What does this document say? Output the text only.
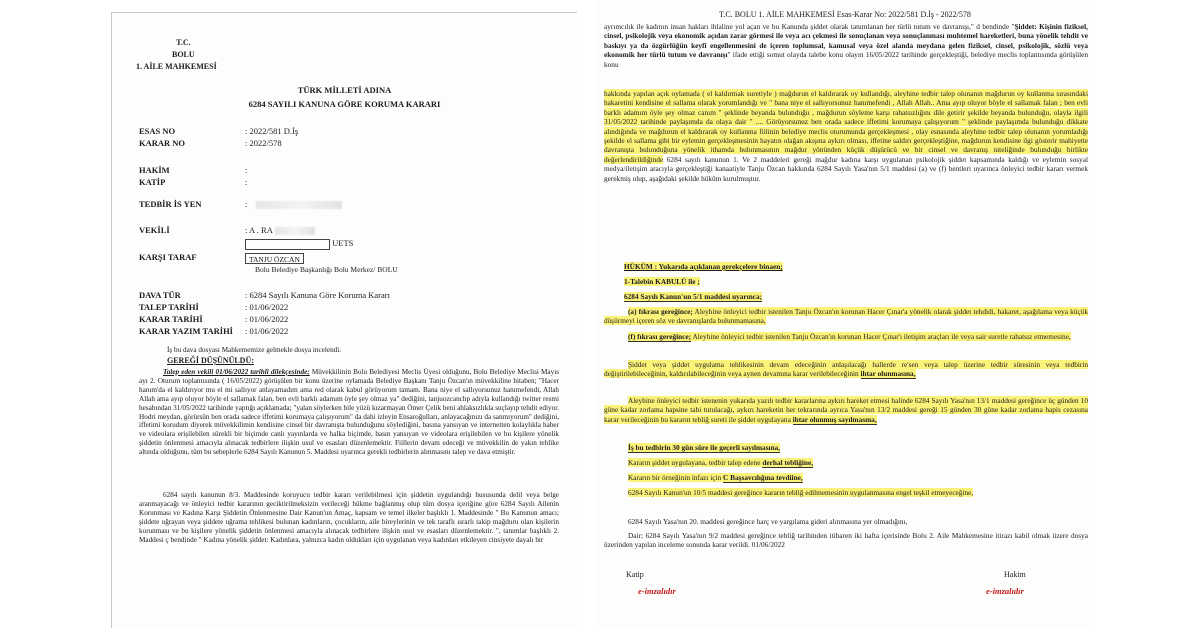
T.C.
BOLU
1. AİLE MAHKEMESİ
TÜRK MİLLETİ ADINA
6284 SAYILI KANUNA GÖRE KORUMA KARARI
ESAS NO	: 2022/581 D.İş
KARAR NO	: 2022/578
HAKİM	:
KATİP	:
TEDBİR İS YEN	:
VEKİLİ	: A . RA
UETS
KARŞI TARAF	TANJU ÖZCAN
Bolu Belediye Başkanlığı Bolu Merkez/ BOLU
DAVA TÜR	: 6284 Sayılı Kanuna Göre Koruma Kararı
TALEP TARİHİ	: 01/06/2022
KARAR TARİHİ	: 01/06/2022
KARAR YAZIM TARİHİ : 01/06/2022
İş bu dava dosyası Mahkememize gelmekle dosya incelendi.
GEREĞİ DÜŞÜNÜLDÜ:
Talep eden vekili 01/06/2022 tarihli dilekçesinde; Müvekkilinin Bolu Belediyesi Meclis Üyesi olduğunu, Bolu Belediye Meclisi Mayıs ayı 2. Oturum toplantısında ( 16/05/2022) görüşülen bir konu üzerine oylamada Belediye Başkanı Tanju Özcan'ın müvekkiline hitaben; "Hacer hanım'da el kaldırıyor mu el mi sallıyor anlayamadım ama red olarak kabul görüyorum tamam. Bana niye el sallıyorsunuz hanımefendi, Allah Allah ama ayıp oluyor böyle el sallamak falan, ben evli barklı adamım öyle şey olmaz ya" dediğini, tanjuozcanchp adıyla kullandığı twitter resmi hesabından 31/05/2022 tarihinde yaptığı açıklamada; "yalan söylerken bile yüzü kızarmayan Ömer Çelik beni ahlaksızlıkla suçlayıp tehdit ediyor. Hodri meydan, görürsün ben orada sadece iffetimi korumaya çalışıyorum" da dahi izleyin Ensaroğulları, anlayacağınızı da sanmıyorum" dediğini, iffetimi korudum diyerek müvekkilimin kendisine cinsel bir davranışta bulunduğunu söylediğini, basına yansıyan ve internetten kolaylıkla haber ve videolara erişilebilen sürekli bir biçimde canlı yayınlarda ve halka biçimde, basın yansıyan ve videolara erişilebilen ve bu kişilere yönelik şiddetin önlenmesi amacıyla alınacak tedbirlere ilişkin usul ve esasları düzenlemektir. Fiillerin devam edeceği ve müvekkilin de yakın tehlike altında olduğunu, tüm bu sebeplerle 6284 Sayılı Kanunun 5. Maddesi uyarınca gerekli tedbirlerin alınmasını talep ve dava etmiştir.
6284 sayılı kanunun 8/3. Maddesinde koruyucu tedbir kararı verilebilmesi için şiddetin uygulandığı hususunda delil veya belge aranmayacağı ve önleyici tedbir kararının geciktirilmeksizin verileceği hükme bağlanmış olup tüm dosya içeriğine göre 6284 Sayılı Ailenin Korunması ve Kadına Karşı Şiddetin Önlenmesine Dair Kanun'un Amaç, kapsam ve temel ilkeler başlıklı 1. Maddesinde " Bu Kanunun amacı; şiddete uğrayan veya şiddete uğrama tehlikesi bulunan kadınların, çocukların, aile bireylerinin ve tek taraflı ısrarlı takip mağduru olan kişilerin korunması ve bu kişilere yönelik şiddetin önlenmesi amacıyla alınacak tedbirlere ilişkin usul ve esasları düzenlemektir. ", tanımlar başlıklı 2. Maddesi ç bendinde " Kadına yönelik şiddet: Kadınlara, yalnızca kadın oldukları için uygulanan veya kadınları etkileyen cinsiyete dayalı bir
T.C. BOLU 1. AİLE MAHKEMESİ Esas-Karar No: 2022/581 D.İş - 2022/578
ayrımcılık ile kadının insan hakları ihlaline yol açan ve bu Kanunda şiddet olarak tanımlanan her türlü tutum ve davranışı," d bendinde "Şiddet: Kişinin fiziksel, cinsel, psikolojik veya ekonomik açıdan zarar görmesi ile veya acı çekmesi ile sonuçlanan veya sonuçlanması muhtemel hareketleri, buna yönelik tehdit ve baskıyı ya da özgürlüğün keyfî engellenmesini de içeren toplumsal, kamusal veya özel alanda meydana gelen fiziksel, cinsel, psikolojik, sözlü veya ekonomik her türlü tutum ve davranışı" ifade ettiği somut olayda talebe konu olayın 16/05/2022 tarihinde gerçekleştiği, belediye meclis toplantısında görüşülen konu
hakkında yapılan açık oylamada ( el kaldırmak suretiyle ) mağdurun el kaldırarak oy kullandığı, aleyhine tedbir talep olunanın mağdurun oy kullanma sırasındaki hakaretini kendisine el sallama olarak yorumlandığı ve " bana niye el sallıyorsunuz hanımefendi , Allah Allah.. Ama ayıp oluyor böyle el sallamak falan ; ben evli barklı adamım öyle şey olmaz canım " şeklinde beyanda bulunduğu , mağdurun söyleme karşı rahatsızlığını dile getirir şekilde beyanda bulunduğu, olayla ilgili 31/05/2022 tarihinde paylaşımda da olaya dair " .... Görüyorsunuz ben orada sadece iffetimi korumaya çalışıyorum " şeklinde paylaşımda bulunduğu dikkate alındığında ve mağdurun el kaldırarak oy kullanma fiilinin belediye meclis oturumunda gerçekleşmesi , olay esnasında aleyhine tedbir talep olunanın yorumladığı şekilde el sallama gibi bir eylemin gerçekleşmesinin hayatın olağan akışına aykırı olması, iffetine saldırı gerçekleştiğine, mağdurun kendisine ilgi gösterir mahiyette davranışta bulunduğuna yönelik ithamda bulunmasının mağdur yönünden küçük düşürücü ve bir cinsel ve davranış niteliğinde bulunduğu birlikte değerlendirildiğinde 6284 sayılı kanunun 1. Ve 2 maddeleri gereği mağdur kadına karşı uygulanan psikolojik şiddet kapsamında kaldığı ve eylemin sosyal medya/iletişim aracıyla gerçekleştiği kanaatiyle Tanju Özcan hakkında 6284 Sayılı Yasa'nın 5/1 maddesi (a) ve (f) bentleri uyarınca önleyici tedbir kararı vermek gerekmiş olup, aşağıdaki şekilde hüküm kurulmuştur.
HÜKÜM : Yukarıda açıklanan gerekçelere binaen;
1-Talebin KABULÜ ile ;
6284 Sayılı Kanun'un 5/1 maddesi uyarınca;
(a) fıkrası gereğince; Aleyhine önleyici tedbir istenilen Tanju Özcan'ın korunan Hacer Çınar'a yönelik olarak şiddet tehdidi, hakaret, aşağılama veya küçük düşürmeyi içeren söz ve davranışlarda bulunmamasına,
(f) fıkrası gereğince; Aleyhine önleyici tedbir istenilen Tanju Özcan'ın korunan Hacer Çınar'ı iletişim araçları ile veya sair suretle rahatsız etmemesine,
Şiddet veya şiddet uygulama tehlikesinin devam edeceğinin anlaşılacağı hallerde re'sen veya talep üzerine tedbir süresinin veya tedbirin değiştirilebileceğinin, kaldırılabileceğinin veya aynen devamına karar verilebileceğinin ihtar olunmasına,
Aleyhine önleyici tedbir istenenin yukarıda yazılı tedbir kararlarına aykırı hareket etmesi halinde 6284 Sayılı Yasa'nın 13/1 maddesi gereğince üç günden 10 güne kadar zorlama hapsine tabi tutulacağı, aykırı hareketin her tekrarında ayrıca Yasa'nın 13/2 maddesi gereği 15 günden 30 güne kadar zorlama hapis cezasına karar verileceğinin bu kararın tebliğ sureti ile şiddet uygulayana ihtar olunmuş sayılmasına,
İş bu tedbirin 30 gün süre ile geçerli sayılmasına,
Kararın şiddet uygulayana, tedbir talep edene derhal tebliğine,
Kararın bir örneğinin infazı için C Başsavcılığına tevdiine,
6284 Sayılı Kanun'un 10/5 maddesi gereğince kararın tebliğ edilmemesinin uygulanmasına engel teşkil etmeyeceğine,
6284 Sayılı Yasa'nın 20. maddesi gereğince harç ve yargılama gideri alınmasına yer olmadığını,
Dair; 6284 Sayılı Yasa'nın 9/2 maddesi gereğince tebliğ tarihinden itibaren iki hafta içerisinde Bolu 2. Aile Mahkemesine itirazı kabil olmak üzere dosya üzerinden yapılan inceleme sonunda karar verildi. 01/06/2022
Katip	Hakim
e-imzalıdır	e-imzalıdır
